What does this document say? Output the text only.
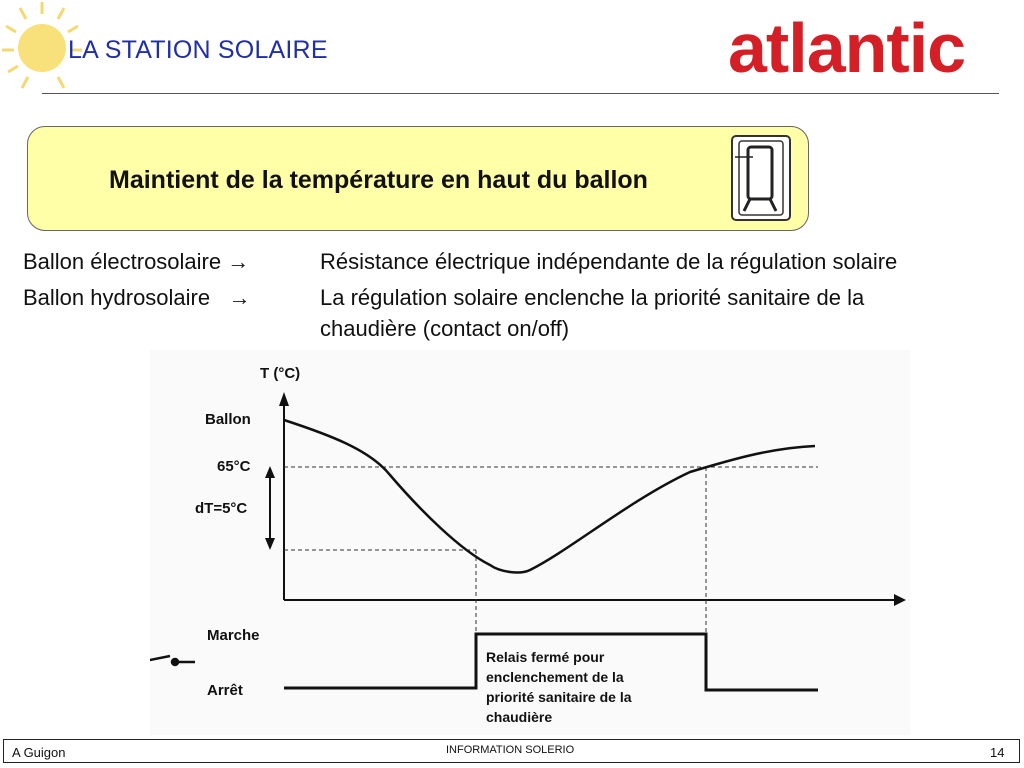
LA STATION SOLAIRE	atlantic
Maintient de la température en haut du ballon
Ballon électrosolaire →	Résistance électrique indépendante de la régulation solaire
Ballon hydrosolaire   →	La régulation solaire enclenche la priorité sanitaire de la
chaudière (contact on/off)
T (°C)
Ballon
65°C
dT=5°C
Marche
Arrêt
Relais fermé pour
enclenchement de la
priorité sanitaire de la
chaudière
A Guigon	INFORMATION SOLERIO	14
